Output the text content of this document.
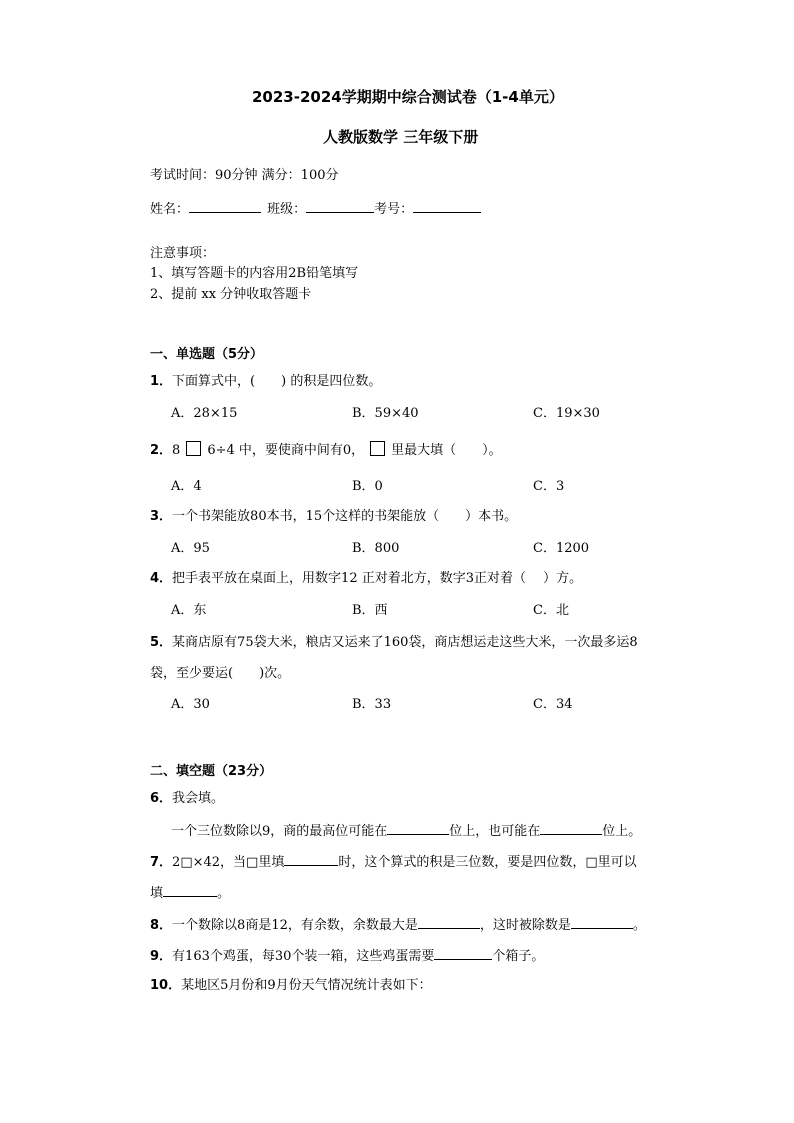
2023-2024学期期中综合测试卷（1-4单元）
人教版数学 三年级下册
考试时间：90分钟 满分：100分
姓名：	班级：	考号：
注意事项：
1、填写答题卡的内容用2B铅笔填写
2、提前 xx 分钟收取答题卡
一、单选题（5分）
1．下面算式中，(　　) 的积是四位数。
A．28×15	B．59×40	C．19×30
2．8 6÷4 中，要使商中间有0， 里最大填（　　）。
A．4	B．0	C．3
3．一个书架能放80本书，15个这样的书架能放（　　）本书。
A．95	B．800	C．1200
4．把手表平放在桌面上，用数字12 正对着北方，数字3正对着（　 ）方。
A．东	B．西	C．北
5．某商店原有75袋大米，粮店又运来了160袋，商店想运走这些大米，一次最多运8
袋，至少要运(　　)次。
A．30	B．33	C．34
二、填空题（23分）
6．我会填。
一个三位数除以9，商的最高位可能在	位上，也可能在	位上。
7．2□×42，当□里填	时，这个算式的积是三位数，要是四位数，□里可以
填	。
8．一个数除以8商是12，有余数，余数最大是	，这时被除数是	。
9．有163个鸡蛋，每30个装一箱，这些鸡蛋需要	个箱子。
10．某地区5月份和9月份天气情况统计表如下：
